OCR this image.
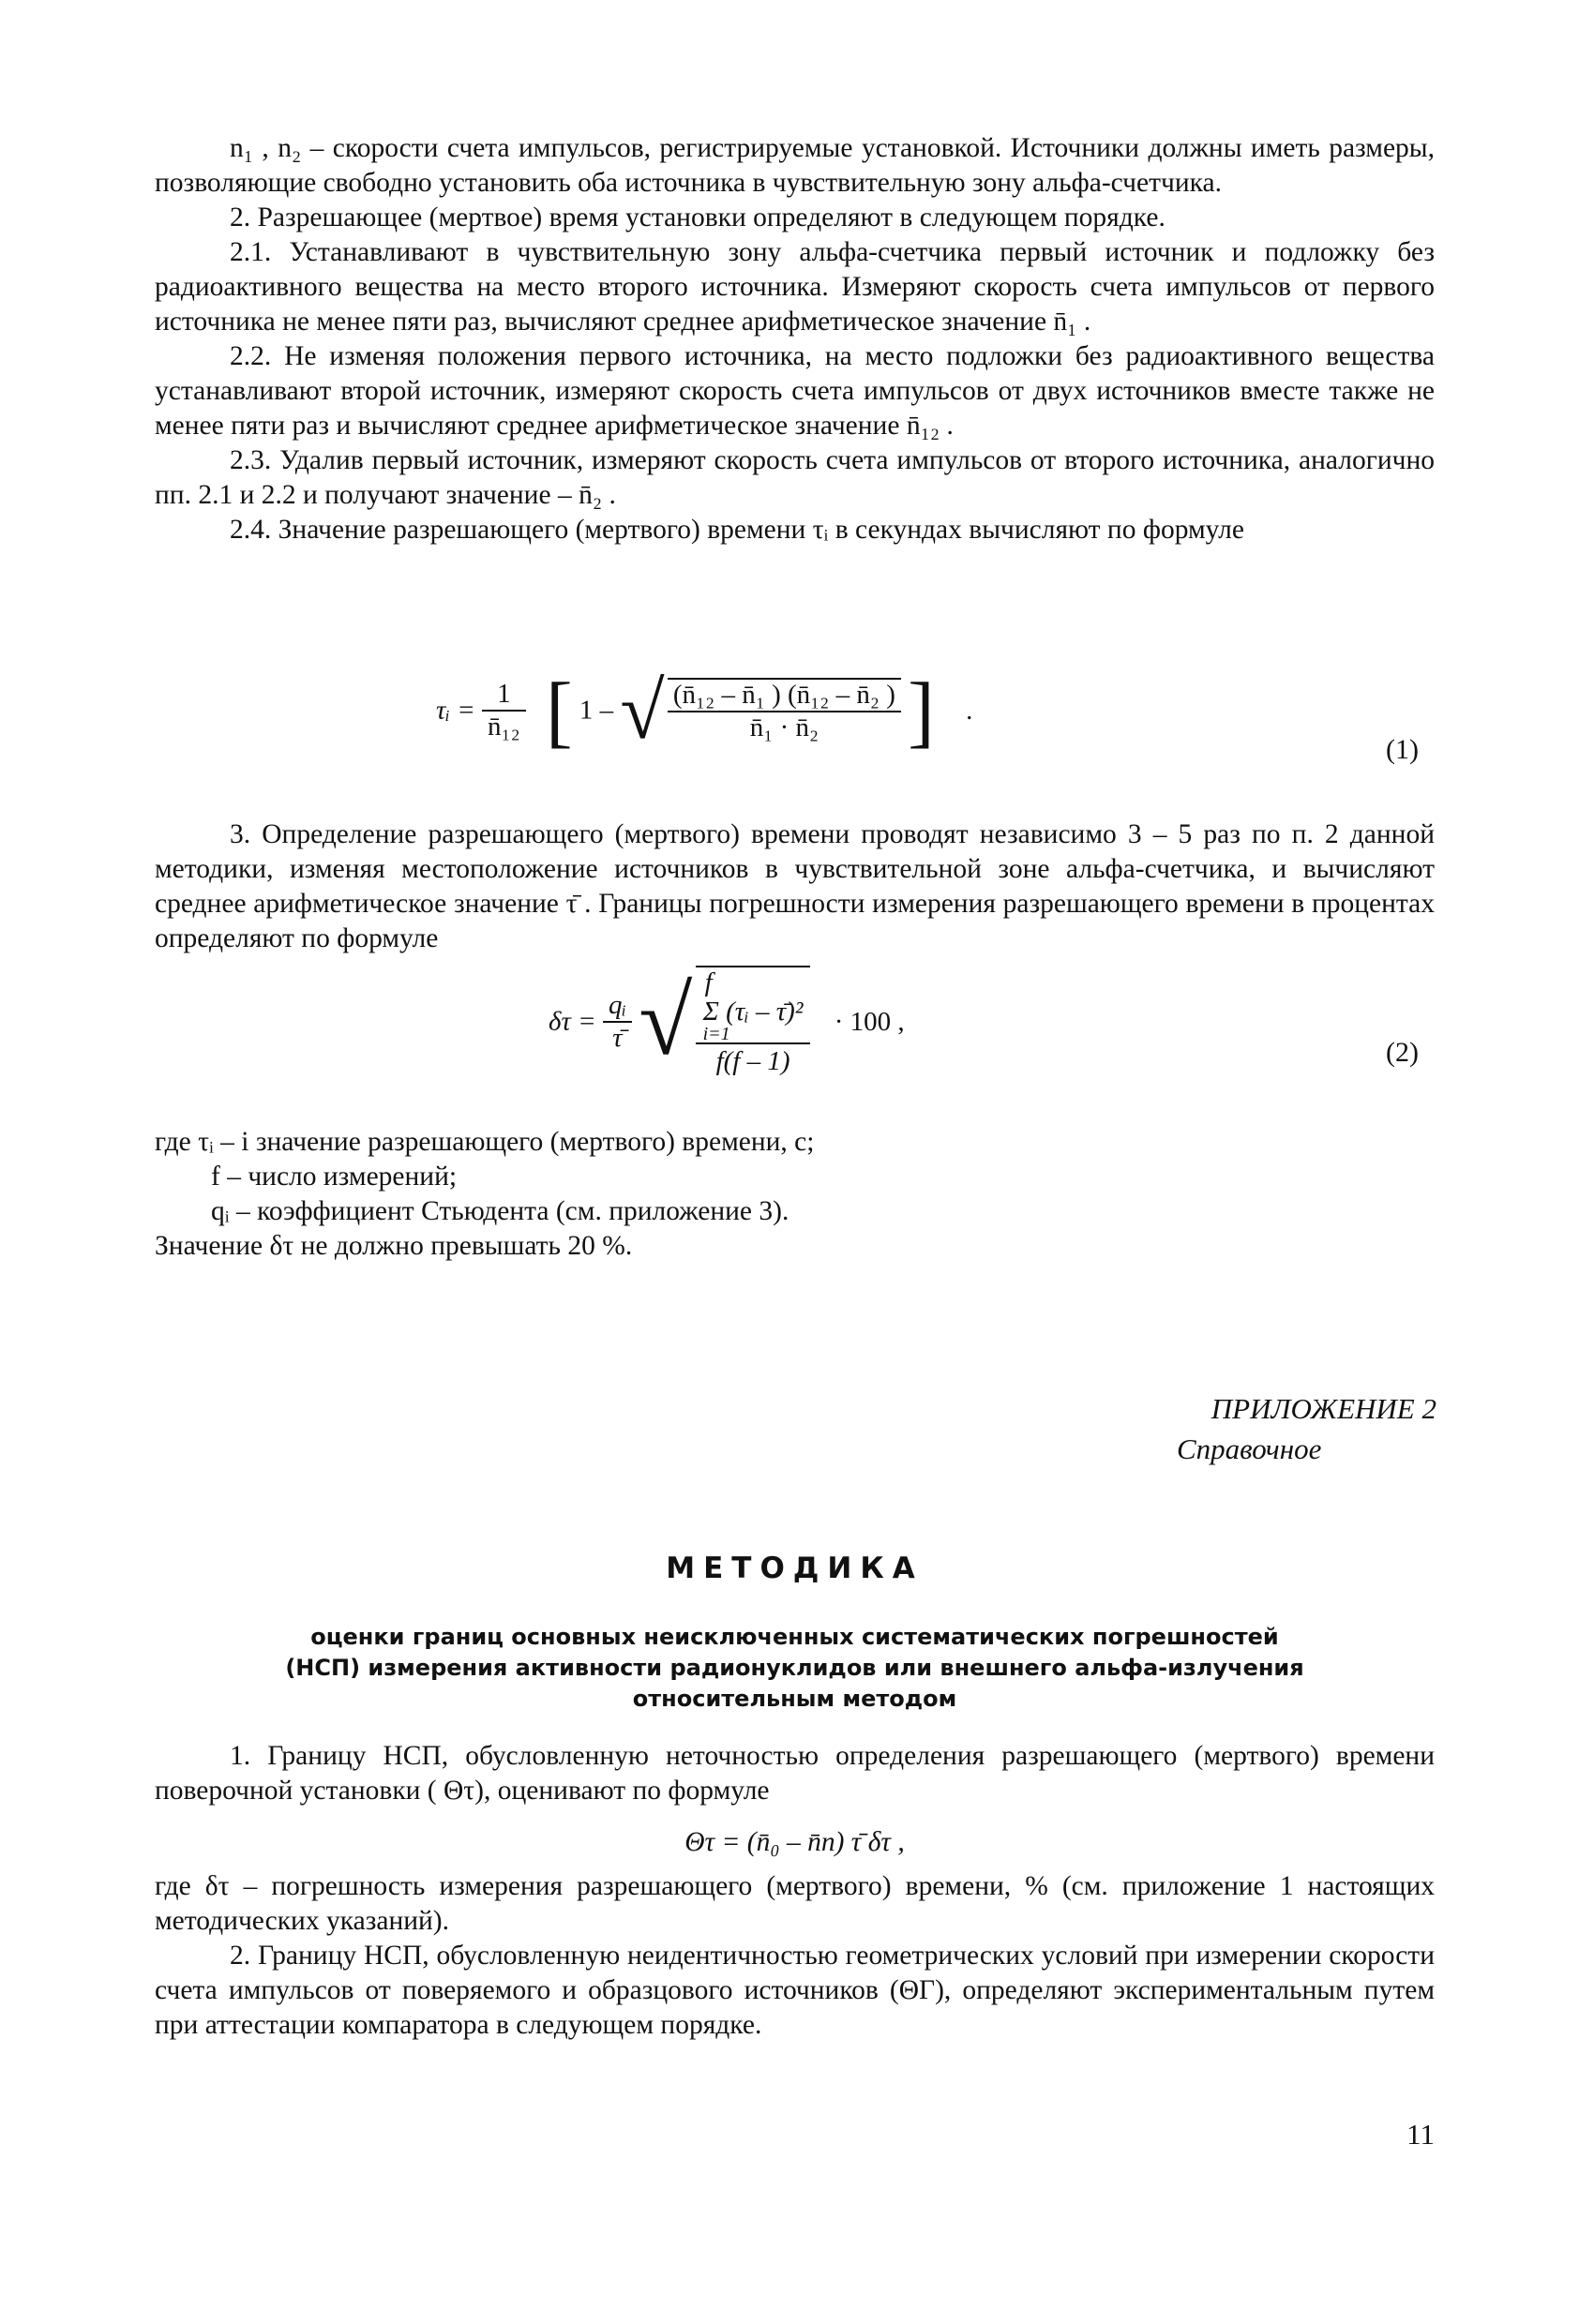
n₁ , n₂ – скорости счета импульсов, регистрируемые установкой. Источники должны иметь размеры, позволяющие свободно установить оба источника в чувствительную зону альфа-счетчика.

2. Разрешающее (мертвое) время установки определяют в следующем порядке.

2.1. Устанавливают в чувствительную зону альфа-счетчика первый источник и подложку без радиоактивного вещества на место второго источника. Измеряют скорость счета импульсов от первого источника не менее пяти раз, вычисляют среднее арифметическое значение n̄₁ .

2.2. Не изменяя положения первого источника, на место подложки без радиоактивного вещества устанавливают второй источник, измеряют скорость счета импульсов от двух источников вместе также не менее пяти раз и вычисляют среднее арифметическое значение n̄₁₂ .

2.3. Удалив первый источник, измеряют скорость счета импульсов от второго источника, аналогично пп. 2.1 и 2.2 и получают значение – n̄₂ .

2.4. Значение разрешающего (мертвого) времени τᵢ в секундах вычисляют по формуле

τᵢ = $\frac{1}{\text{n̄₁₂}}$ [ 1 – √ $\frac{\text{(n̄₁₂ – n̄₁ ) (n̄₁₂ – n̄₂ )}}{\text{n̄₁ · n̄₂}}$ ] .
(1)

3. Определение разрешающего (мертвого) времени проводят независимо 3 – 5 раз по п. 2 данной методики, изменяя местоположение источников в чувствительной зоне альфа-счетчика, и вычисляют среднее арифметическое значение τ̄ . Границы погрешности измерения разрешающего времени в процентах определяют по формуле

$\delta\tau = \frac{\text{qᵢ}}{\taū}$ √ f
Σ (τᵢ – τ̄)²
i=1
f(f – 1)
· 100 ,
(2)

где τᵢ – i значение разрешающего (мертвого) времени, с;

f – число измерений;

qᵢ – коэффициент Стьюдента (см. приложение 3).

Значение δτ не должно превышать 20 %.

ПРИЛОЖЕНИЕ 2
Справочное
МЕТОДИКА
оценки границ основных неисключенных систематических погрешностей
(НСП) измерения активности радионуклидов или внешнего альфа-излучения
относительным методом

1. Границу НСП, обусловленную неточностью определения разрешающего (мертвого) времени поверочной установки ( Θτ), оценивают по формуле

Θτ = (n̄₀ – n̄п) τ̄ δτ ,

где δτ – погрешность измерения разрешающего (мертвого) времени, % (см. приложение 1 настоящих методических указаний).

2. Границу НСП, обусловленную неидентичностью геометрических условий при измерении скорости счета импульсов от поверяемого и образцового источников (ΘГ), определяют экспериментальным путем при аттестации компаратора в следующем порядке.

11
